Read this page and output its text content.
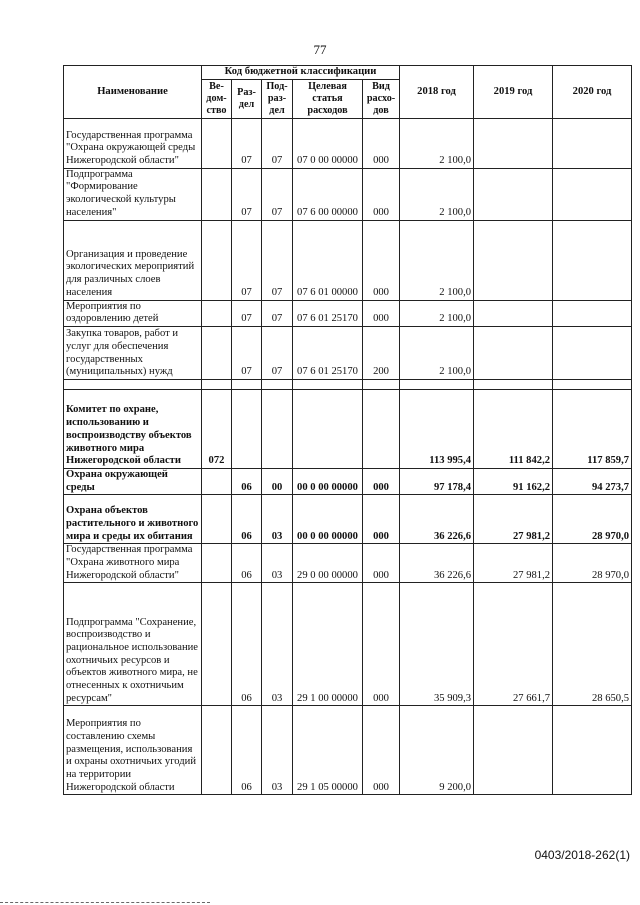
77
Наименование	Код бюджетной классификации					2018 год	2019 год	2020 год
	Ве-дом-ство	Раз-дел	Под-раз-дел	Целевая статья расходов	Вид расхо-дов			
Государственная программа "Охрана окружающей среды Нижегородской области"		07	07	07 0 00 00000	000	2 100,0		
Подпрограмма "Формирование экологической культуры населения"		07	07	07 6 00 00000	000	2 100,0		
Организация и проведение экологических мероприятий для различных слоев населения		07	07	07 6 01 00000	000	2 100,0		
Мероприятия по оздоровлению детей		07	07	07 6 01 25170	000	2 100,0		
Закупка товаров, работ и услуг для обеспечения государственных (муниципальных) нужд		07	07	07 6 01 25170	200	2 100,0		

Комитет по охране, использованию и воспроизводству объектов животного мира Нижегородской области	072					113 995,4	111 842,2	117 859,7
Охрана окружающей среды		06	00	00 0 00 00000	000	97 178,4	91 162,2	94 273,7
Охрана объектов растительного и животного мира и среды их обитания		06	03	00 0 00 00000	000	36 226,6	27 981,2	28 970,0
Государственная программа "Охрана животного мира Нижегородской области"		06	03	29 0 00 00000	000	36 226,6	27 981,2	28 970,0
Подпрограмма "Сохранение, воспроизводство и рациональное использование охотничьих ресурсов и объектов животного мира, не отнесенных к охотничьим ресурсам"		06	03	29 1 00 00000	000	35 909,3	27 661,7	28 650,5
Мероприятия по составлению схемы размещения, использования и охраны охотничьих угодий на территории Нижегородской области		06	03	29 1 05 00000	000	9 200,0		
0403/2018-262(1)
